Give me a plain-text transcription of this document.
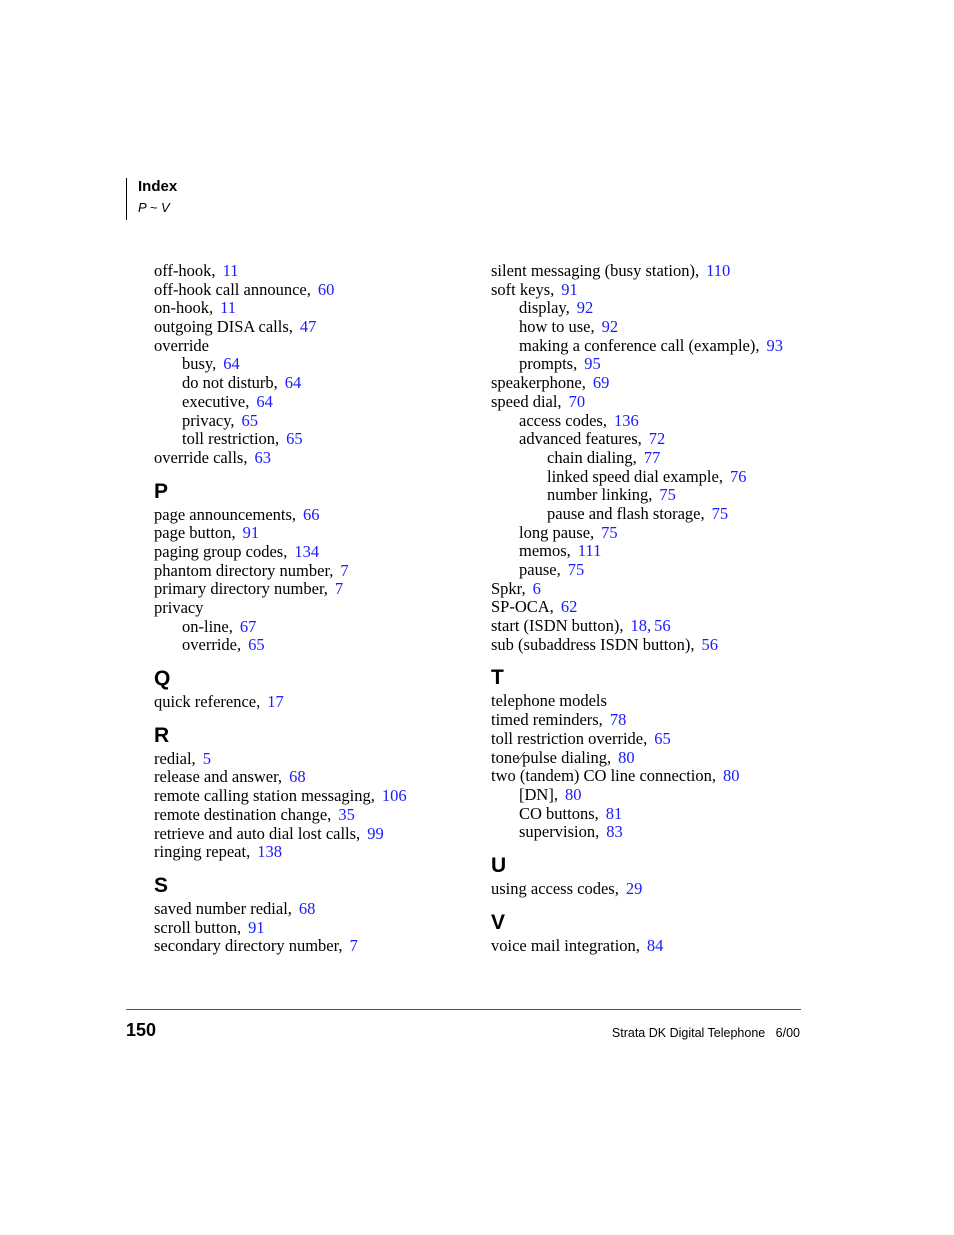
Index
P ~ V
off-hook, 11
off-hook call announce, 60
on-hook, 11
outgoing DISA calls, 47
override
busy, 64
do not disturb, 64
executive, 64
privacy, 65
toll restriction, 65
override calls, 63
P
page announcements, 66
page button, 91
paging group codes, 134
phantom directory number, 7
primary directory number, 7
privacy
on-line, 67
override, 65
Q
quick reference, 17
R
redial, 5
release and answer, 68
remote calling station messaging, 106
remote destination change, 35
retrieve and auto dial lost calls, 99
ringing repeat, 138
S
saved number redial, 68
scroll button, 91
secondary directory number, 7
silent messaging (busy station), 110
soft keys, 91
display, 92
how to use, 92
making a conference call (example), 93
prompts, 95
speakerphone, 69
speed dial, 70
access codes, 136
advanced features, 72
chain dialing, 77
linked speed dial example, 76
number linking, 75
pause and flash storage, 75
long pause, 75
memos, 111
pause, 75
Spkr, 6
SP-OCA, 62
start (ISDN button), 18, 56
sub (subaddress ISDN button), 56
T
telephone models
timed reminders, 78
toll restriction override, 65
tone⁄pulse dialing, 80
two (tandem) CO line connection, 80
[DN], 80
CO buttons, 81
supervision, 83
U
using access codes, 29
V
voice mail integration, 84
150	Strata DK Digital Telephone   6/00
